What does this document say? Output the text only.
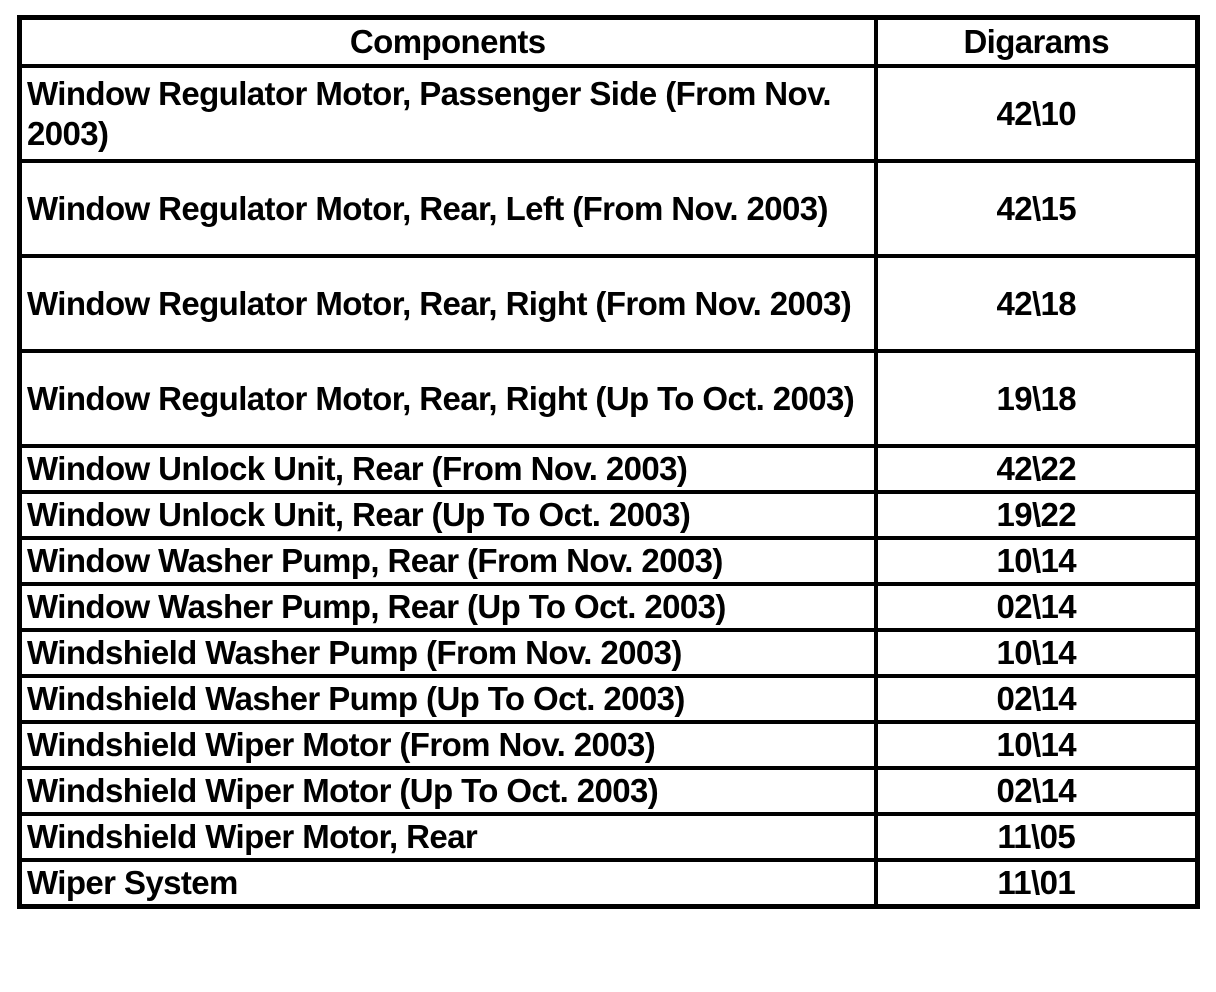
Components	Digarams
Window Regulator Motor, Passenger Side (From Nov. 2003)	42\10
Window Regulator Motor, Rear, Left (From Nov. 2003)	42\15
Window Regulator Motor, Rear, Right (From Nov. 2003)	42\18
Window Regulator Motor, Rear, Right (Up To Oct. 2003)	19\18
Window Unlock Unit, Rear (From Nov. 2003)	42\22
Window Unlock Unit, Rear (Up To Oct. 2003)	19\22
Window Washer Pump, Rear (From Nov. 2003)	10\14
Window Washer Pump, Rear (Up To Oct. 2003)	02\14
Windshield Washer Pump (From Nov. 2003)	10\14
Windshield Washer Pump (Up To Oct. 2003)	02\14
Windshield Wiper Motor (From Nov. 2003)	10\14
Windshield Wiper Motor (Up To Oct. 2003)	02\14
Windshield Wiper Motor, Rear	11\05
Wiper System	11\01
